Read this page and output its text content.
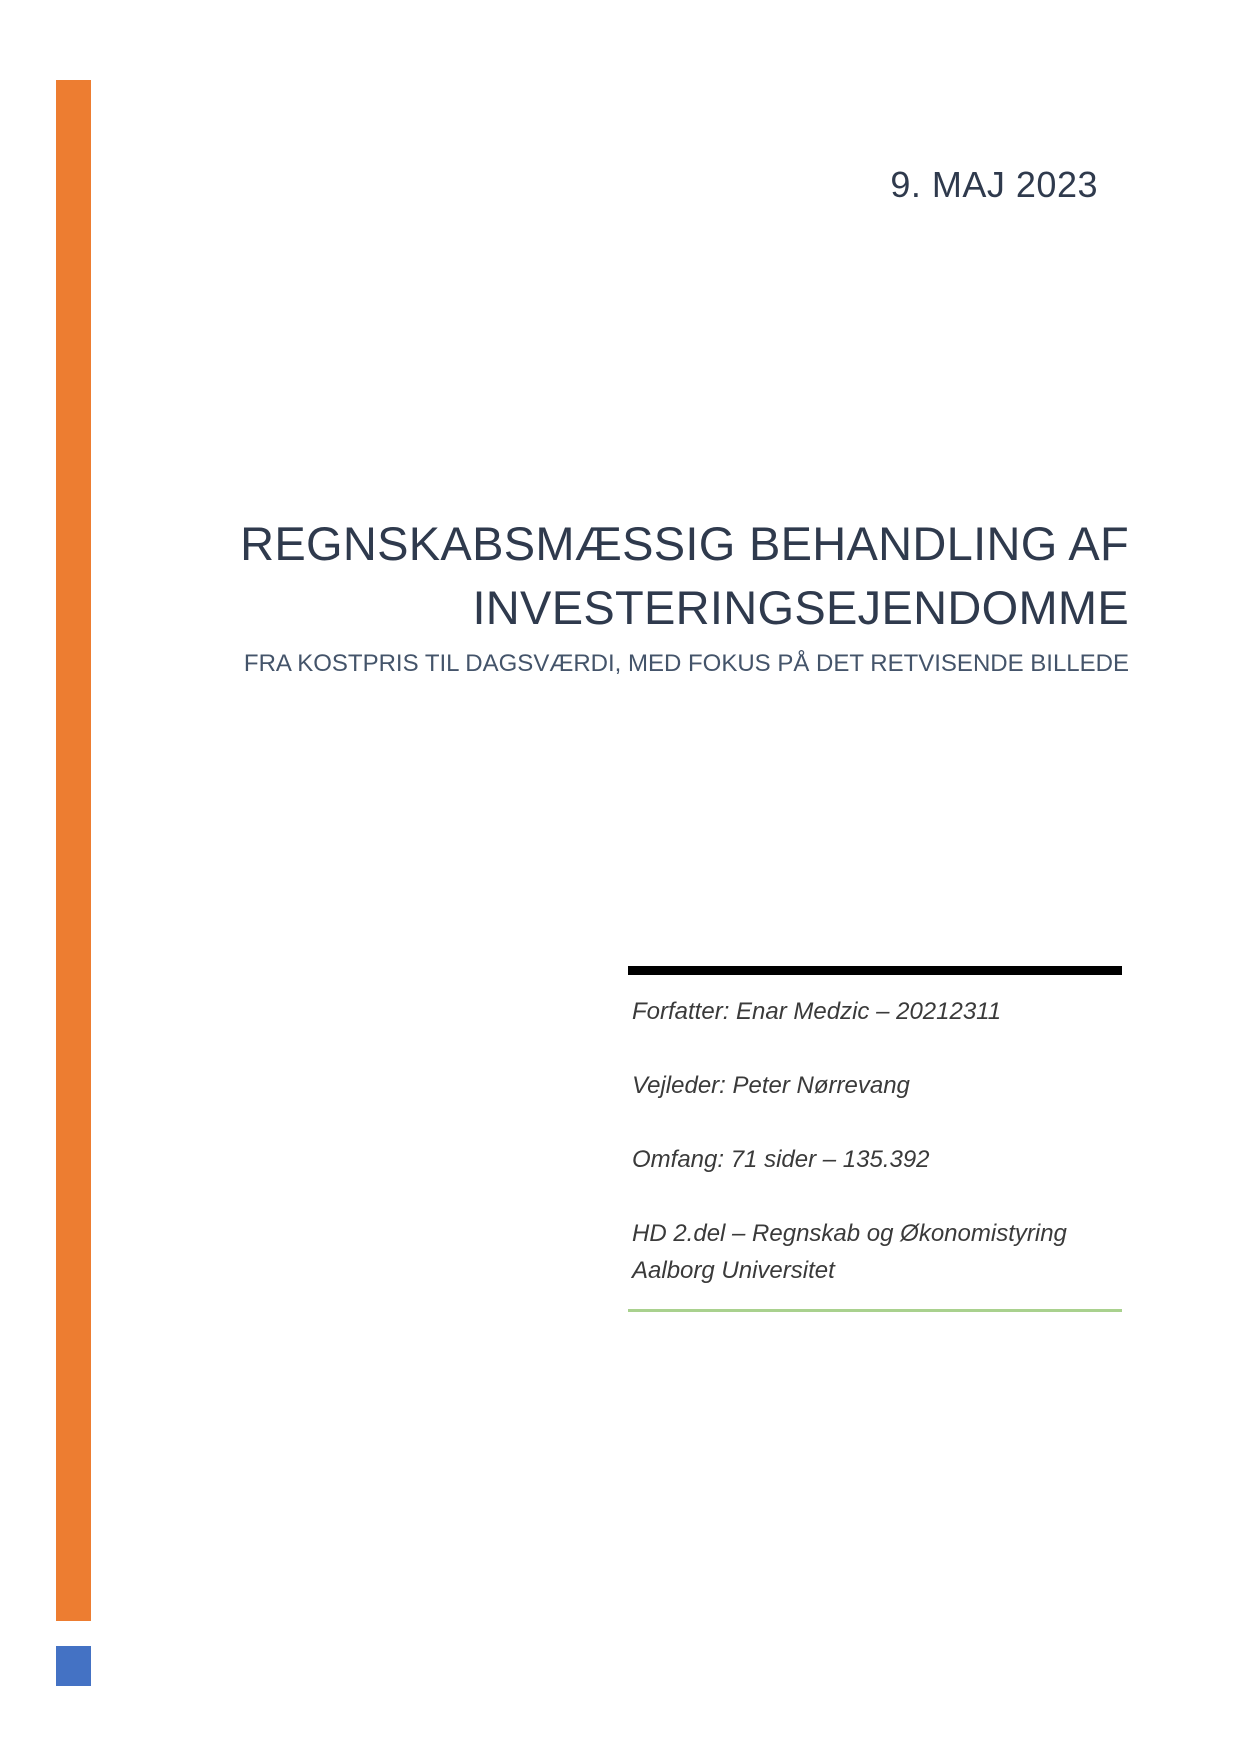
9. MAJ 2023
REGNSKABSMÆSSIG BEHANDLING AF
INVESTERINGSEJENDOMME

FRA KOSTPRIS TIL DAGSVÆRDI, MED FOKUS PÅ DET RETVISENDE BILLEDE

Forfatter: Enar Medzic – 20212311

Vejleder: Peter Nørrevang

Omfang: 71 sider – 135.392

HD 2.del – Regnskab og Økonomistyring
Aalborg Universitet
